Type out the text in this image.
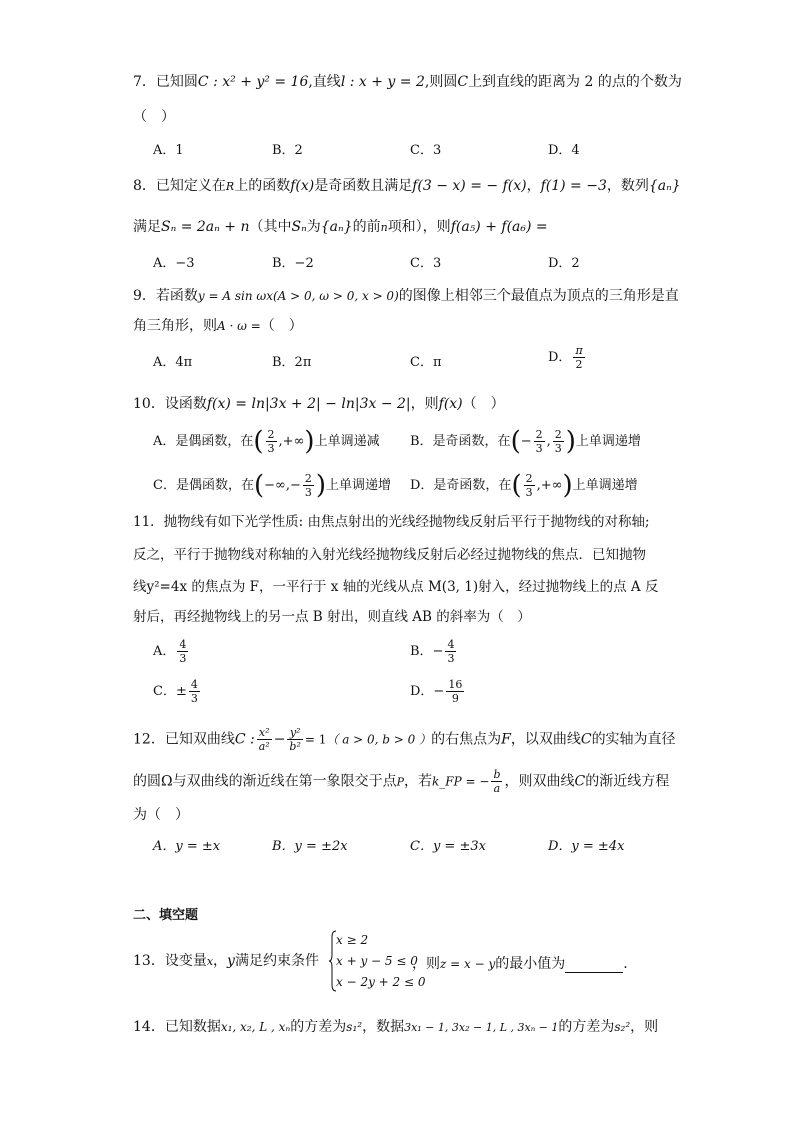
7．已知圆C : x² + y² = 16,直线l : x + y = 2,则圆C上到直线的距离为 2 的点的个数为
（　）
A．1	B．2	C．3	D．4
8．已知定义在R上的函数f(x)是奇函数且满足f(3 − x) = − f(x)，f(1) = −3，数列{aₙ}
满足Sₙ = 2aₙ + n（其中Sₙ为{aₙ}的前n项和），则f(a₅) + f(a₆) =
A．−3	B．−2	C．3	D．2
9．若函数y = A sin ωx(A > 0, ω > 0, x > 0)的图像上相邻三个最值点为顶点的三角形是直
角三角形，则A · ω =（　）
A．4π	B．2π	C．π	D． $\frac{\pi}{2}$
10．设函数f(x) = ln|3x + 2| − ln|3x − 2|，则f(x)（　）
A．是偶函数，在( $\frac{2}{3}$ ,+∞)上单调递减 B．是奇函数，在(− $\frac{2}{3}$ , $\frac{2}{3}$ )上单调递增
C．是偶函数，在(−∞,− $\frac{2}{3}$ )上单调递增 D．是奇函数，在( $\frac{2}{3}$ ,+∞)上单调递增
11．抛物线有如下光学性质: 由焦点射出的光线经抛物线反射后平行于抛物线的对称轴;
反之，平行于抛物线对称轴的入射光线经抛物线反射后必经过抛物线的焦点．已知抛物
线y²=4x 的焦点为 F，一平行于 x 轴的光线从点 M(3, 1)射入，经过抛物线上的点 A 反
射后，再经抛物线上的另一点 B 射出，则直线 AB 的斜率为（　）
A． $\frac{4}{3}$	B．− $\frac{4}{3}$
C．± $\frac{4}{3}$	D．− $\frac{16}{9}$
12．已知双曲线C : $\frac{\text{x²}}{\text{a²}} - \frac{\text{y²}}{\text{b²}} = 1$（ a > 0, b > 0 ）的右焦点为F，以双曲线C的实轴为直径
的圆Ω与双曲线的渐近线在第一象限交于点P，若k_FP = − $\frac{b}{a}$ ，则双曲线C的渐近线方程
为（　）
A．y = ±x	B．y = ±2x	C．y = ±3x	D．y = ±4x
二、填空题
13．设变量x，y满足约束条件
x ≥ 2
x + y − 5 ≤ 0
x − 2y + 2 ≤ 0
，则z = x − y的最小值为	.
14．已知数据x₁, x₂, L , xₙ的方差为s₁²，数据3x₁ − 1, 3x₂ − 1, L , 3xₙ − 1的方差为s₂²，则
